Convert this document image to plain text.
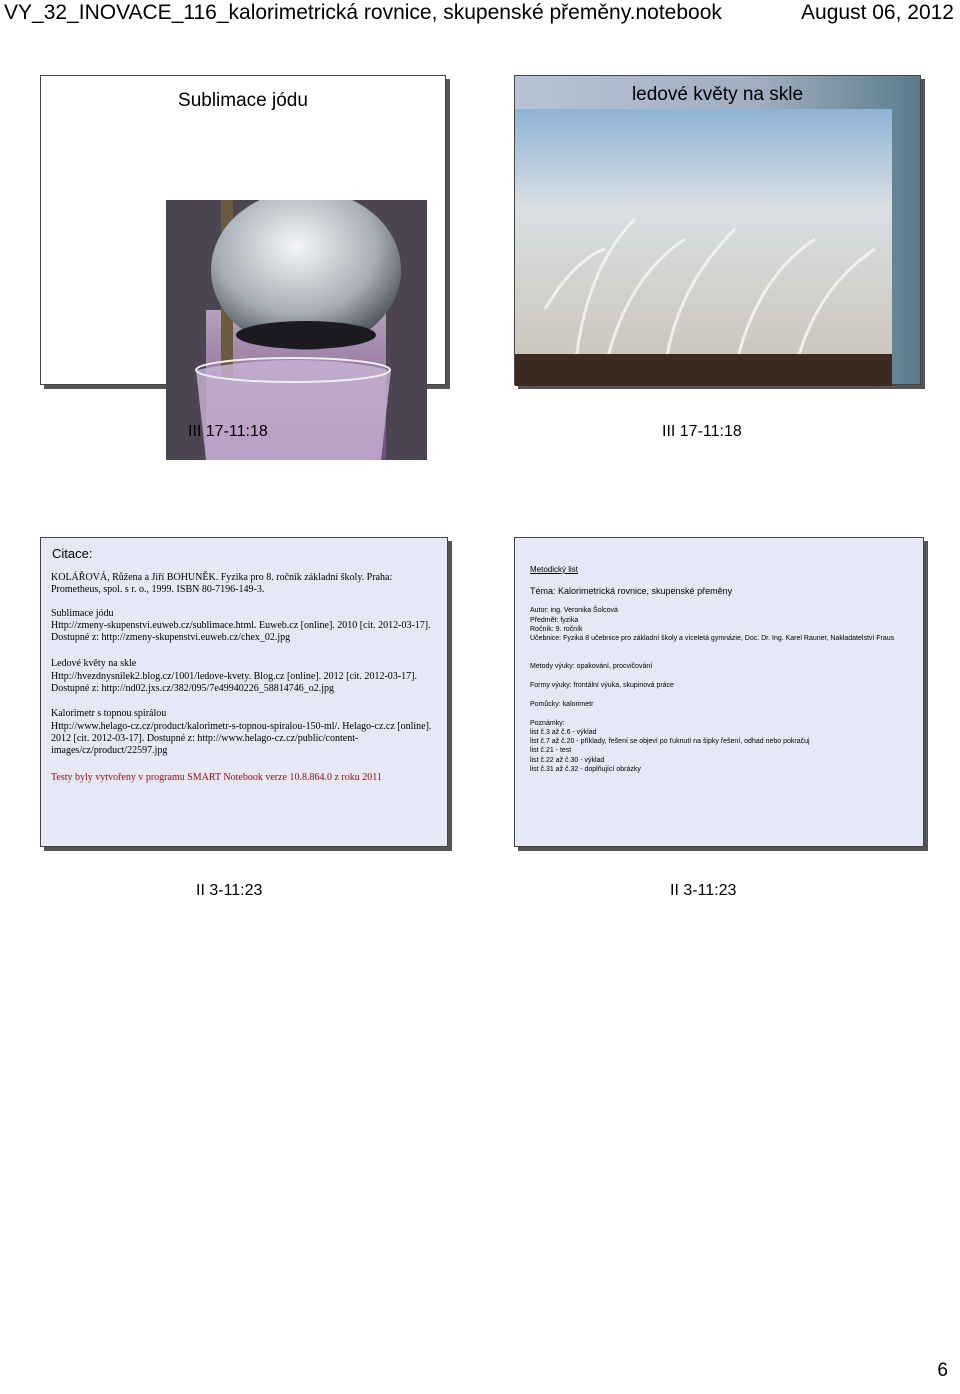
VY_32_INOVACE_116_kalorimetrická rovnice, skupenské přeměny.notebook	August 06, 2012
Sublimace jódu	ledové květy na skle
III 17-11:18	III 17-11:18
Citace:
KOLÁŘOVÁ, Růžena a Jiří BOHUNĚK. Fyzika pro 8. ročník základní školy. Praha: Prometheus, spol. s r. o., 1999. ISBN 80-7196-149-3.
Sublimace jódu
Http://zmeny-skupenstvi.euweb.cz/sublimace.html. Euweb.cz [online]. 2010 [cit. 2012-03-17]. Dostupné z: http://zmeny-skupenstvi.euweb.cz/chex_02.jpg
Ledové květy na skle
Http://hvezdnysnilek2.blog.cz/1001/ledove-kvety. Blog.cz [online]. 2012 [cit. 2012-03-17]. Dostupné z: http://nd02.jxs.cz/382/095/7e49940226_58814746_o2.jpg
Kalorimetr s topnou spirálou
Http://www.helago-cz.cz/product/kalorimetr-s-topnou-spiralou-150-ml/. Helago-cz.cz [online]. 2012 [cit. 2012-03-17]. Dostupné z: http://www.helago-cz.cz/public/content-images/cz/product/22597.jpg
Testy byly vytvořeny v programu SMART Notebook verze 10.8.864.0 z roku 2011
Metodický list
Téma: Kalorimetrická rovnice, skupenské přeměny
Autor: ing. Veronika Šolcová
Předmět: fyzika
Ročník: 9. ročník
Učebnice: Fyzika 8 učebnice pro základní školy a víceletá gymnázie, Doc. Dr. Ing. Karel Rauner, Nakladatelství Fraus
Metody výuky: opakování, procvičování
Formy výuky: frontální výuka, skupinová práce
Pomůcky: kalorimetr
Poznámky:
list č.3 až č.6 - výklad
list č.7 až č.20 - příklady, řešení se objeví po ťuknutí na šipky řešení, odhad nebo pokračuj
list č.21 - test
list č.22 až č.30 - výklad
list č.31 až č.32 - doplňující obrázky
II 3-11:23	II 3-11:23
6
